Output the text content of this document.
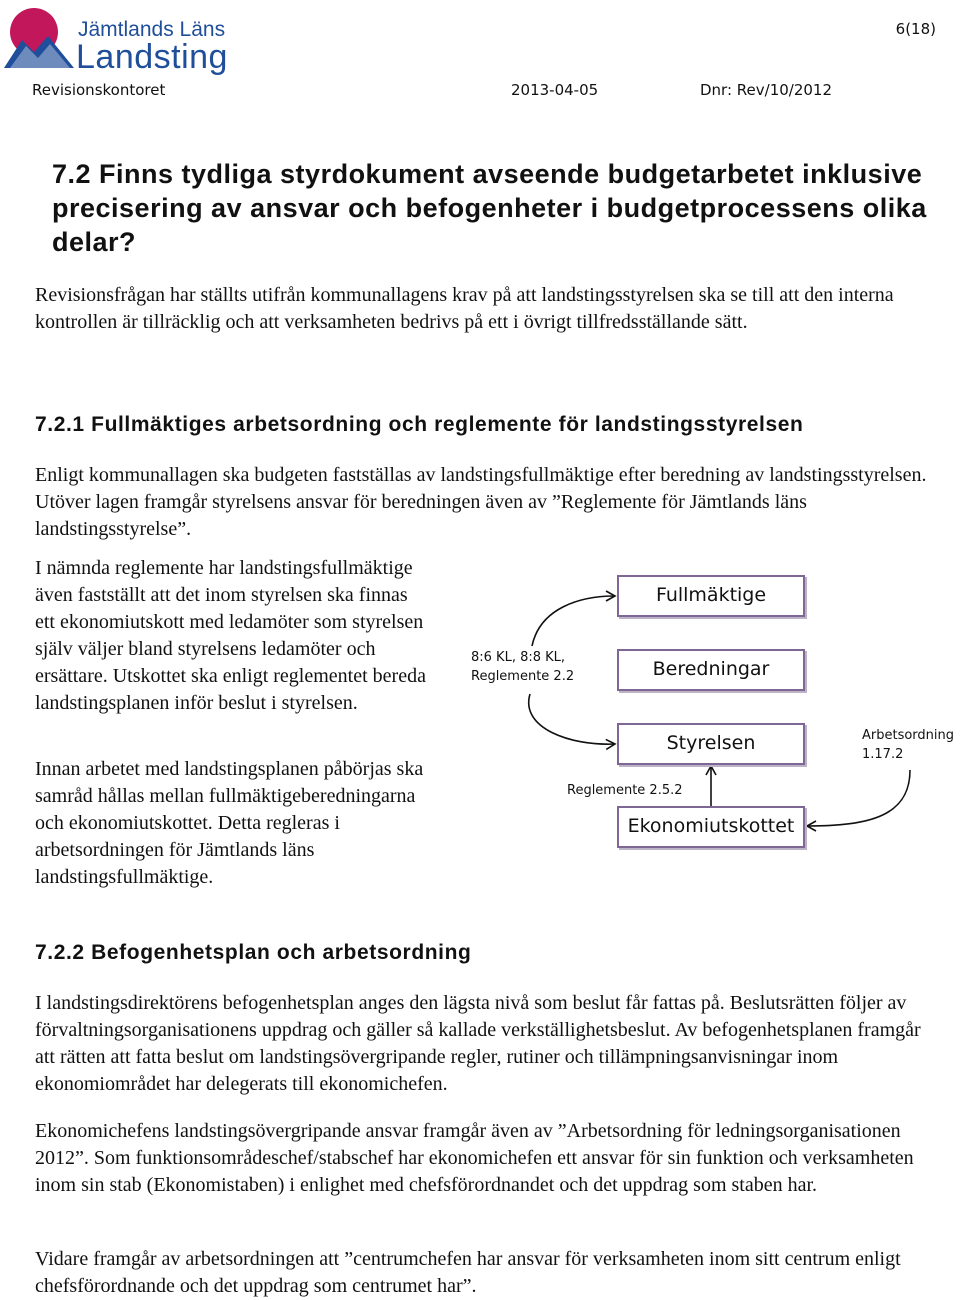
Jämtlands Läns
Landsting
6(18)
Revisionskontoret	2013-04-05	Dnr: Rev/10/2012
7.2 Finns tydliga styrdokument avseende budgetarbetet inklusive precisering av ansvar och befogenheter i budgetprocessens olika delar?

Revisionsfrågan har ställts utifrån kommunallagens krav på att landstingsstyrelsen ska se till att den interna kontrollen är tillräcklig och att verksamheten bedrivs på ett i övrigt tillfredsställande sätt.

7.2.1 Fullmäktiges arbetsordning och reglemente för landstingsstyrelsen

Enligt kommunallagen ska budgeten fastställas av landstingsfullmäktige efter beredning av landstingsstyrelsen. Utöver lagen framgår styrelsens ansvar för beredningen även av ”Reglemente för Jämtlands läns landstingsstyrelse”.

I nämnda reglemente har landstingsfullmäktige även fastställt att det inom styrelsen ska finnas ett ekonomiutskott med ledamöter som styrelsen själv väljer bland styrelsens ledamöter och ersättare. Utskottet ska enligt reglementet bereda landstingsplanen inför beslut i styrelsen.

Innan arbetet med landstingsplanen påbörjas ska samråd hållas mellan fullmäktigeberedningarna och ekonomiutskottet. Detta regleras i arbetsordningen för Jämtlands läns landstingsfullmäktige.

Fullmäktige
Beredningar
Styrelsen
Ekonomiutskottet
8:6 KL, 8:8 KL,
Reglemente 2.2
Reglemente 2.5.2
Arbetsordning
1.17.2
7.2.2 Befogenhetsplan och arbetsordning

I landstingsdirektörens befogenhetsplan anges den lägsta nivå som beslut får fattas på. Beslutsrätten följer av förvaltningsorganisationens uppdrag och gäller så kallade verkställighetsbeslut. Av befogenhetsplanen framgår att rätten att fatta beslut om landstingsövergripande regler, rutiner och tillämpningsanvisningar inom ekonomiområdet har delegerats till ekonomichefen.

Ekonomichefens landstingsövergripande ansvar framgår även av ”Arbetsordning för ledningsorganisationen 2012”. Som funktionsområdeschef/stabschef har ekonomichefen ett ansvar för sin funktion och verksamheten inom sin stab (Ekonomistaben) i enlighet med chefsförordnandet och det uppdrag som staben har.

Vidare framgår av arbetsordningen att ”centrumchefen har ansvar för verksamheten inom sitt centrum enligt chefsförordnande och det uppdrag som centrumet har”.
